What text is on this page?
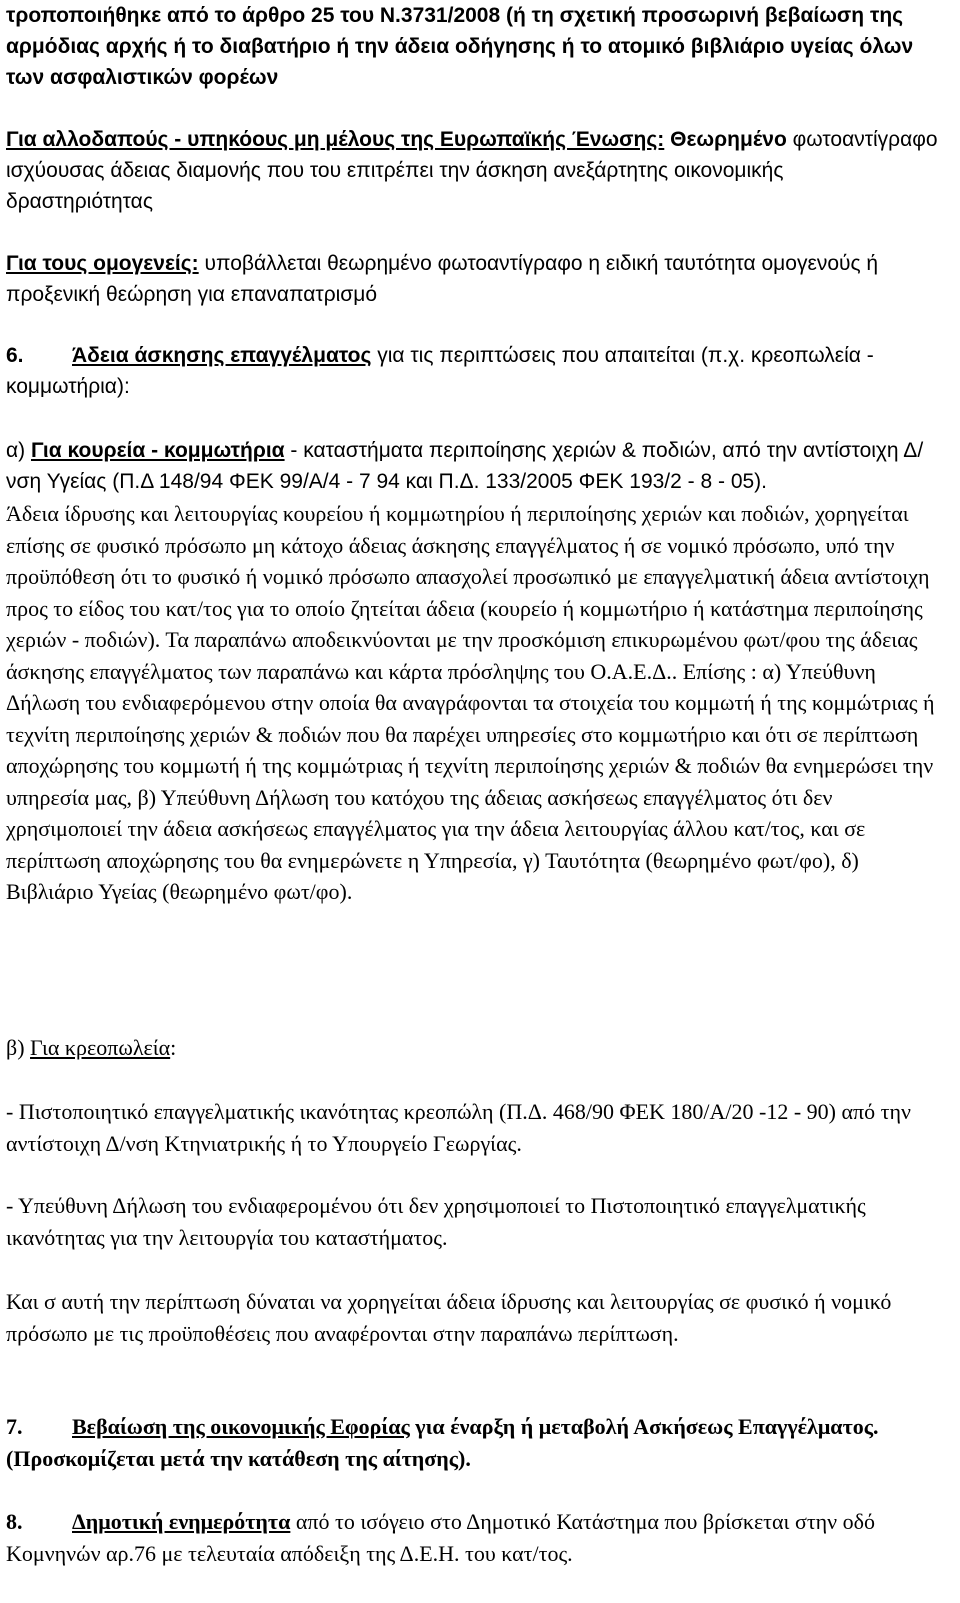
τροποποιήθηκε από το άρθρο 25 του Ν.3731/2008 (ή τη σχετική προσωρινή βεβαίωση της αρμόδιας αρχής ή το διαβατήριο ή την άδεια οδήγησης ή το ατομικό βιβλιάριο υγείας όλων των ασφαλιστικών φορέων

Για αλλοδαπούς - υπηκόους μη μέλους της Ευρωπαϊκής Ένωσης: Θεωρημένο φωτοαντίγραφο ισχύουσας άδειας διαμονής που του επιτρέπει την άσκηση ανεξάρτητης οικονομικήςδραστηριότητας

Για τους ομογενείς: υποβάλλεται θεωρημένο φωτοαντίγραφο η ειδική ταυτότητα ομογενούς ή προξενική θεώρηση για επαναπατρισμό

6. Άδεια άσκησης επαγγέλματος για τις περιπτώσεις που απαιτείται (π.χ. κρεοπωλεία - κομμωτήρια):

α) Για κουρεία - κομμωτήρια - καταστήματα περιποίησης χεριών & ποδιών, από την αντίστοιχη Δ/νση Υγείας (Π.Δ 148/94 ΦΕΚ 99/Α/4 - 7 94 και Π.Δ. 133/2005 ΦΕΚ 193/2 - 8 - 05).

Άδεια ίδρυσης και λειτουργίας κουρείου ή κομμωτηρίου ή περιποίησης χεριών και ποδιών, χορηγείται επίσης σε φυσικό πρόσωπο μη κάτοχο άδειας άσκησης επαγγέλματος ή σε νομικό πρόσωπο, υπό την προϋπόθεση ότι το φυσικό ή νομικό πρόσωπο απασχολεί προσωπικό με επαγγελματική άδεια αντίστοιχη προς το είδος του κατ/τος για το οποίο ζητείται άδεια (κουρείο ή κομμωτήριο ή κατάστημα περιποίησης χεριών - ποδιών). Τα παραπάνω αποδεικνύονται με την προσκόμιση επικυρωμένου φωτ/φου της άδειας άσκησης επαγγέλματος των παραπάνω και κάρτα πρόσληψης του Ο.Α.Ε.Δ.. Επίσης : α) Υπεύθυνη Δήλωση του ενδιαφερόμενου στην οποία θα αναγράφονται τα στοιχεία του κομμωτή ή της κομμώτριας ή τεχνίτη περιποίησης χεριών & ποδιών που θα παρέχει υπηρεσίες στο κομμωτήριο και ότι σε περίπτωση αποχώρησης του κομμωτή ή της κομμώτριας ή τεχνίτη περιποίησης χεριών & ποδιών θα ενημερώσει την υπηρεσία μας, β) Υπεύθυνη Δήλωση του κατόχου της άδειας ασκήσεως επαγγέλματος ότι δεν χρησιμοποιεί την άδεια ασκήσεως επαγγέλματος για την άδεια λειτουργίας άλλου κατ/τος, και σε περίπτωση αποχώρησης του θα ενημερώνετε η Υπηρεσία, γ) Ταυτότητα (θεωρημένο φωτ/φο), δ) Βιβλιάριο Υγείας (θεωρημένο φωτ/φο).

β) Για κρεοπωλεία:

- Πιστοποιητικό επαγγελματικής ικανότητας κρεοπώλη (Π.Δ. 468/90 ΦΕΚ 180/Α/20 -12 - 90) από την αντίστοιχη Δ/νση Κτηνιατρικής ή το Υπουργείο Γεωργίας.

- Υπεύθυνη Δήλωση του ενδιαφερομένου ότι δεν χρησιμοποιεί το Πιστοποιητικό επαγγελματικής ικανότητας για την λειτουργία του καταστήματος.

Και σ αυτή την περίπτωση δύναται να χορηγείται άδεια ίδρυσης και λειτουργίας σε φυσικό ή νομικό πρόσωπο με τις προϋποθέσεις που αναφέρονται στην παραπάνω περίπτωση.

7. Βεβαίωση της οικονομικής Εφορίας για έναρξη ή μεταβολή Ασκήσεως Επαγγέλματος. (Προσκομίζεται μετά την κατάθεση της αίτησης).

8. Δημοτική ενημερότητα από το ισόγειο στο Δημοτικό Κατάστημα που βρίσκεται στην οδό Κομνηνών αρ.76 με τελευταία απόδειξη της Δ.Ε.Η. του κατ/τος.
